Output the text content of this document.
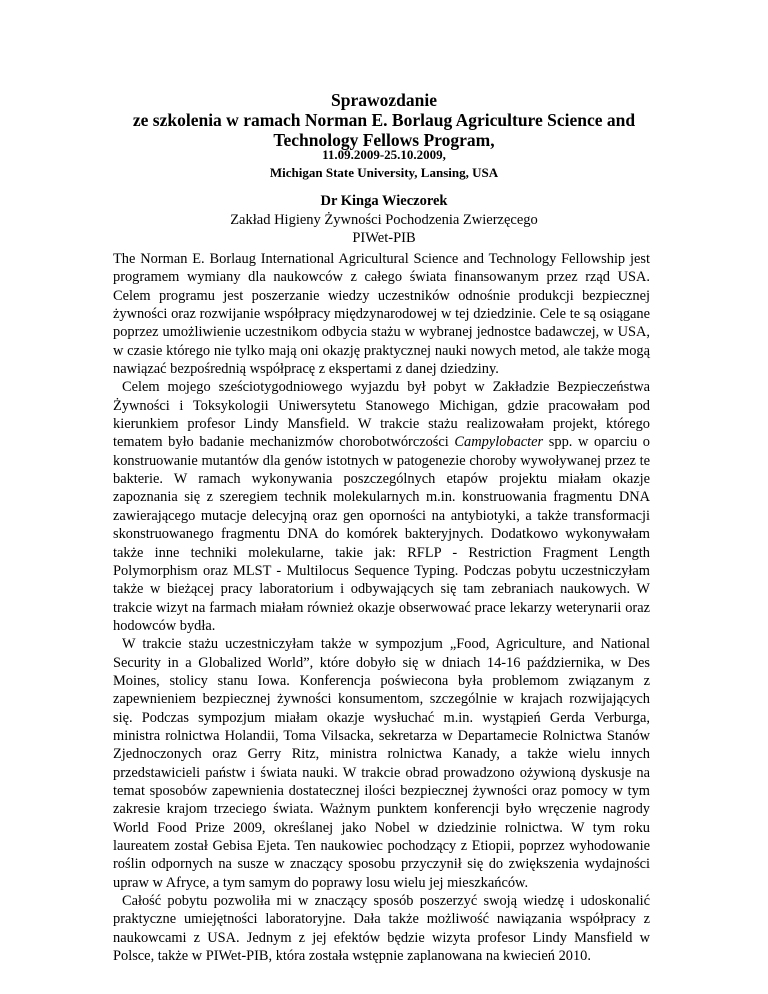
Sprawozdanie
ze szkolenia w ramach Norman E. Borlaug Agriculture Science and
Technology Fellows Program,
11.09.2009-25.10.2009,
Michigan State University, Lansing, USA
Dr Kinga Wieczorek
Zakład Higieny Żywności Pochodzenia Zwierzęcego
PIWet-PIB

The Norman E. Borlaug International Agricultural Science and Technology Fellowship jest programem wymiany dla naukowców z całego świata finansowanym przez rząd USA. Celem programu jest poszerzanie wiedzy uczestników odnośnie produkcji bezpiecznej żywności oraz rozwijanie współpracy międzynarodowej w tej dziedzinie. Cele te są osiągane poprzez umożliwienie uczestnikom odbycia stażu w wybranej jednostce badawczej, w USA, w czasie którego nie tylko mają oni okazję praktycznej nauki nowych metod, ale także mogą nawiązać bezpośrednią współpracę z ekspertami z danej dziedziny.

Celem mojego sześciotygodniowego wyjazdu był pobyt w Zakładzie Bezpieczeństwa Żywności i Toksykologii Uniwersytetu Stanowego Michigan, gdzie pracowałam pod kierunkiem profesor Lindy Mansfield. W trakcie stażu realizowałam projekt, którego tematem było badanie mechanizmów chorobotwórczości Campylobacter spp. w oparciu o konstruowanie mutantów dla genów istotnych w patogenezie choroby wywoływanej przez te bakterie. W ramach wykonywania poszczególnych etapów projektu miałam okazje zapoznania się z szeregiem technik molekularnych m.in. konstruowania fragmentu DNA zawierającego mutacje delecyjną oraz gen oporności na antybiotyki, a także transformacji skonstruowanego fragmentu DNA do komórek bakteryjnych. Dodatkowo wykonywałam także inne techniki molekularne, takie jak: RFLP - Restriction Fragment Length Polymorphism oraz MLST - Multilocus Sequence Typing. Podczas pobytu uczestniczyłam także w bieżącej pracy laboratorium i odbywających się tam zebraniach naukowych. W trakcie wizyt na farmach miałam również okazje obserwować prace lekarzy weterynarii oraz hodowców bydła.

W trakcie stażu uczestniczyłam także w sympozjum „Food, Agriculture, and National Security in a Globalized World”, które dobyło się w dniach 14-16 października, w Des Moines, stolicy stanu Iowa. Konferencja poświecona była problemom związanym z zapewnieniem bezpiecznej żywności konsumentom, szczególnie w krajach rozwijających się. Podczas sympozjum miałam okazje wysłuchać m.in. wystąpień Gerda Verburga, ministra rolnictwa Holandii, Toma Vilsacka, sekretarza w Departamecie Rolnictwa Stanów Zjednoczonych oraz Gerry Ritz, ministra rolnictwa Kanady, a także wielu innych przedstawicieli państw i świata nauki. W trakcie obrad prowadzono ożywioną dyskusje na temat sposobów zapewnienia dostatecznej ilości bezpiecznej żywności oraz pomocy w tym zakresie krajom trzeciego świata. Ważnym punktem konferencji było wręczenie nagrody World Food Prize 2009, określanej jako Nobel w dziedzinie rolnictwa. W tym roku laureatem został Gebisa Ejeta. Ten naukowiec pochodzący z Etiopii, poprzez wyhodowanie roślin odpornych na susze w znaczący sposobu przyczynił się do zwiększenia wydajności upraw w Afryce, a tym samym do poprawy losu wielu jej mieszkańców.

Całość pobytu pozwoliła mi w znaczący sposób poszerzyć swoją wiedzę i udoskonalić praktyczne umiejętności laboratoryjne. Dała także możliwość nawiązania współpracy z naukowcami z USA. Jednym z jej efektów będzie wizyta profesor Lindy Mansfield w Polsce, także w PIWet-PIB, która została wstępnie zaplanowana na kwiecień 2010.
